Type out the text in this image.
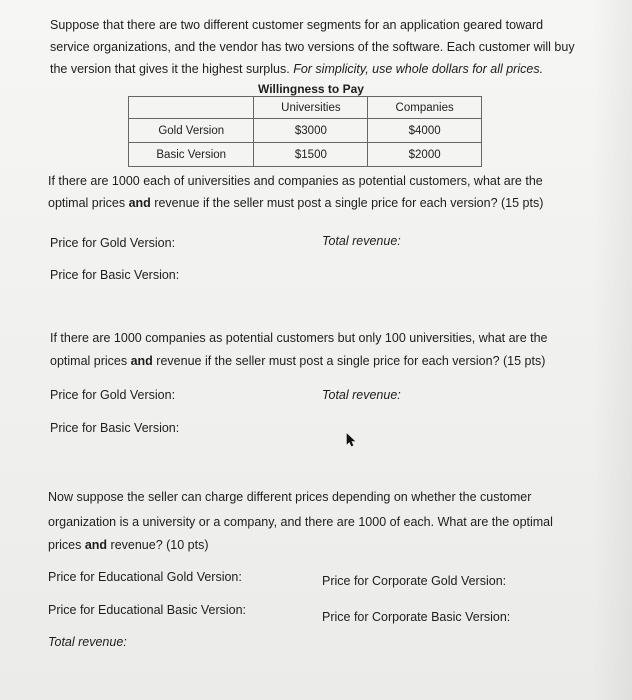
Suppose that there are two different customer segments for an application geared toward
service organizations, and the vendor has two versions of the software. Each customer will buy
the version that gives it the highest surplus. For simplicity, use whole dollars for all prices.
Willingness to Pay
	Universities	Companies
Gold Version	$3000	$4000
Basic Version	$1500	$2000
If there are 1000 each of universities and companies as potential customers, what are the
optimal prices and revenue if the seller must post a single price for each version? (15 pts)
Price for Gold Version:	Total revenue:
Price for Basic Version:
If there are 1000 companies as potential customers but only 100 universities, what are the
optimal prices and revenue if the seller must post a single price for each version? (15 pts)
Price for Gold Version:	Total revenue:
Price for Basic Version:
Now suppose the seller can charge different prices depending on whether the customer
organization is a university or a company, and there are 1000 of each. What are the optimal
prices and revenue? (10 pts)
Price for Educational Gold Version:	Price for Corporate Gold Version:
Price for Educational Basic Version:	Price for Corporate Basic Version:
Total revenue:
